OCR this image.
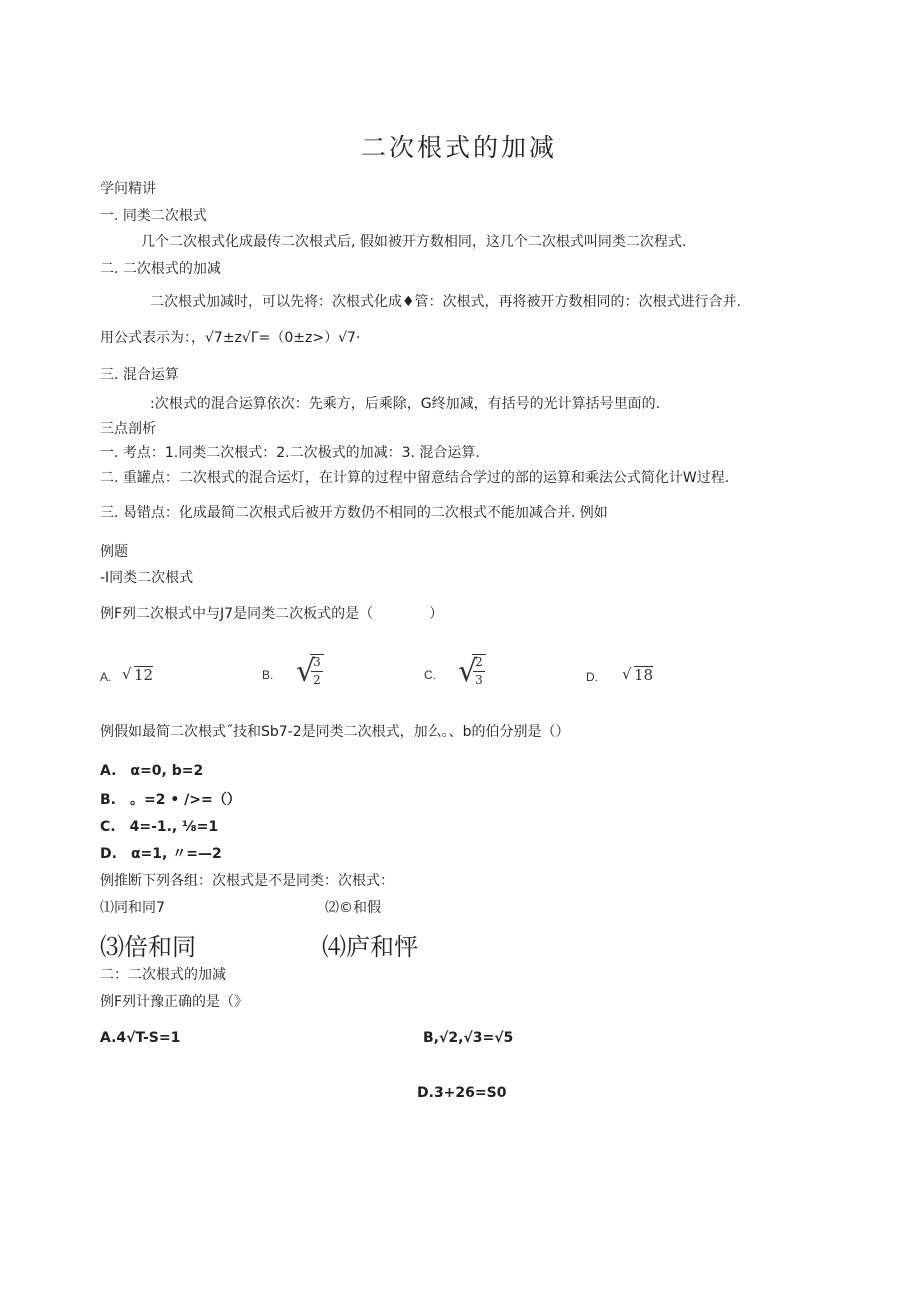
二次根式的加减
学问精讲
一. 同类二次根式
几个二次根式化成最传二次根式后, 假如被开方数相同，这几个二次根式叫同类二次程式.
二. 二次根式的加减
二次根式加减时，可以先将：次根式化成♦管：次根式，再将被开方数相同的：次根式进行合并.
用公式表示为：，√7±z√Γ=（0±z>）√7·
三. 混合运算
:次根式的混合运算依次：先乘方，后乘除，G终加减，有括号的光计算括号里面的.
三点剖析
一. 考点：1.同类二次根式：2.二次极式的加减：3. 混合运算.
二. 重罐点：二次根式的混合运灯，在计算的过程中留意结合学过的部的运算和乘法公式简化计W过程.
三. 曷错点：化成最简二次根式后被开方数仍不相同的二次根式不能加减合并. 例如
例题
-I同类二次根式
例F列二次根式中与J7是同类二次板式的是（　　　　）
A. √ 12	B. √
3
2	C. √
2
3	D. √ 18
例假如最简二次根式˝技和Sb7-2是同类二次根式，加么。、b的伯分别是（）
A.　α=0, b=2
B.　。=2 • />=（）
C.　4=-1., ⅛=1
D.　α=1, 〃=—2
例推断下列各组：次根式是不是同类：次根式：
⑴同和同7	⑵©和假
⑶倍和同	⑷庐和怦
二：二次根式的加减
例F列计豫正确的是（》
A.4√T-S=1	B,√2,√3=√5
D.3+26=S0
